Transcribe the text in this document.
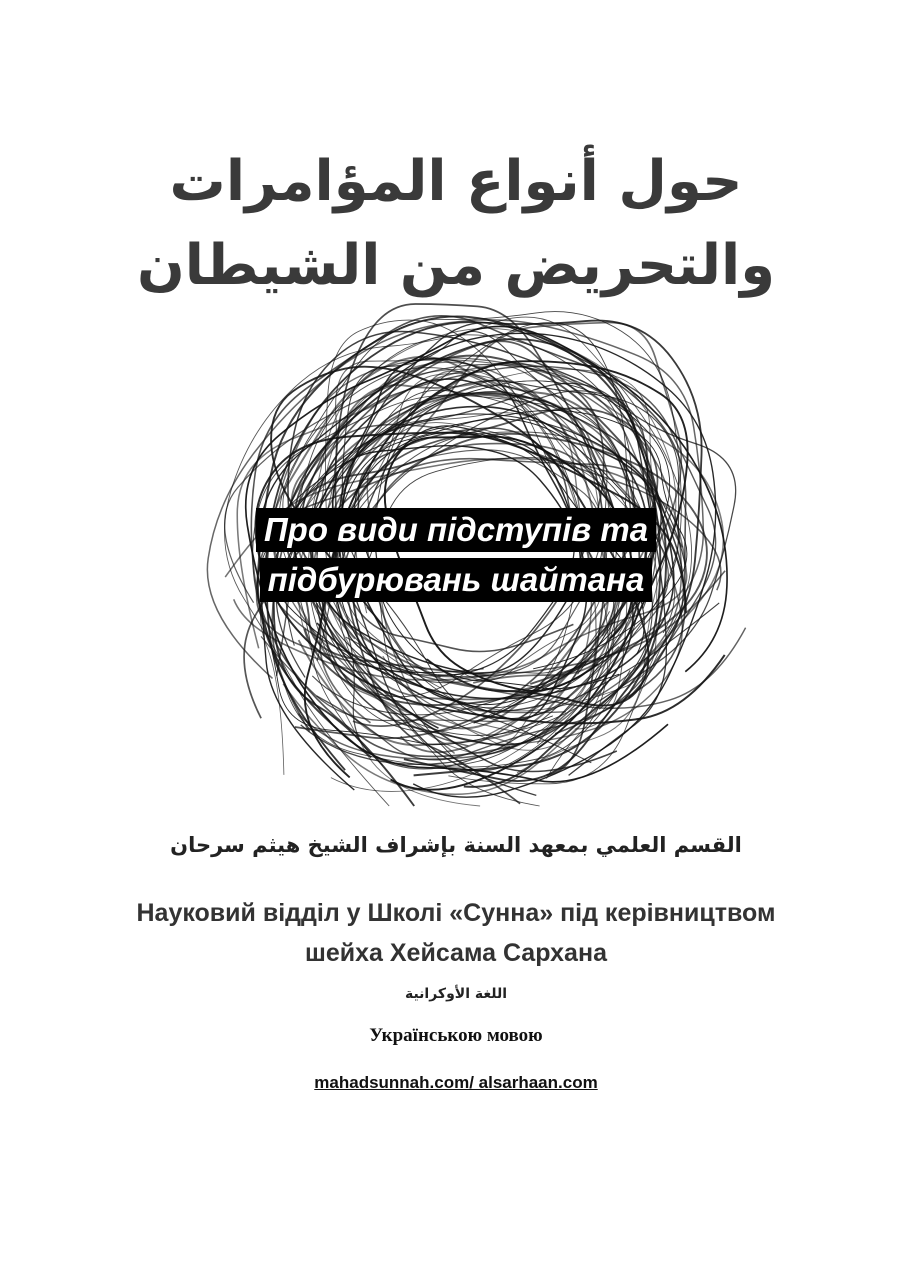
حول أنواع المؤامرات
والتحريض من الشيطان
Про види підступів та
підбурювань шайтана
القسم العلمي بمعهد السنة بإشراف الشيخ هيثم سرحان
Науковий відділ у Школі «Сунна» під керівництвом
шейха Хейсама Сархана
اللغة الأوكرانية
Українською мовою
mahadsunnah.com/ alsarhaan.com
